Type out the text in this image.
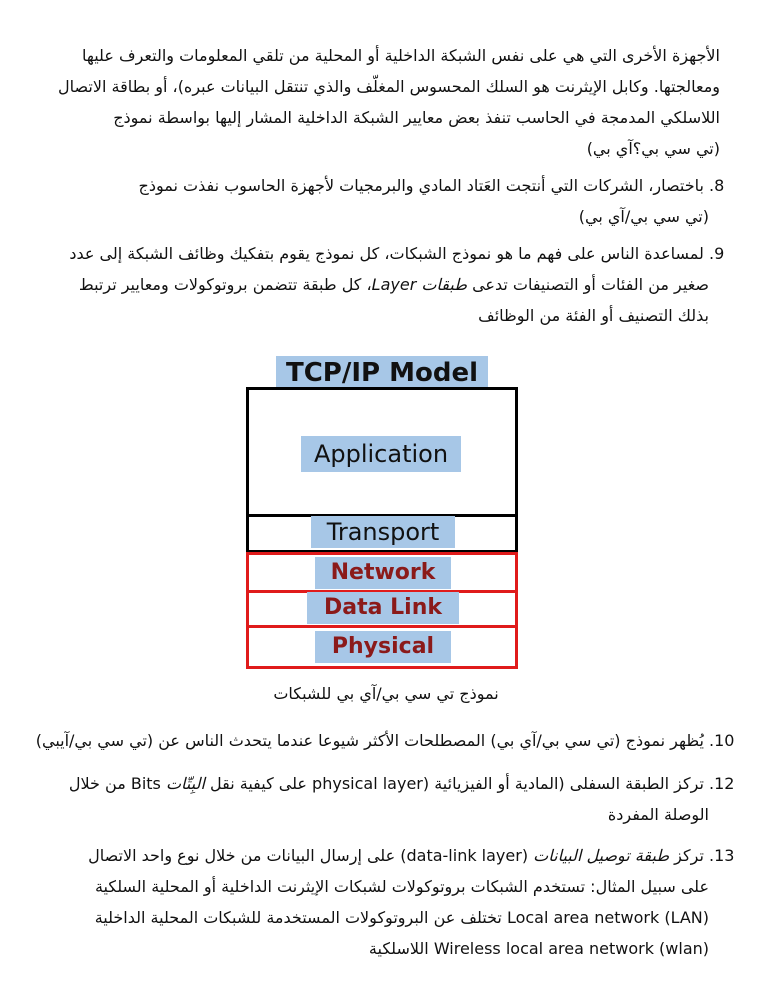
الأجهزة الأخرى التي هي على نفس الشبكة الداخلية أو المحلية من تلقي المعلومات والتعرف عليها
ومعالجتها. وكابل الإيثرنت هو السلك المحسوس المغلّف والذي تنتقل البيانات عبره)، أو بطاقة الاتصال
اللاسلكي المدمجة في الحاسب تنفذ بعض معايير الشبكة الداخلية المشار إليها بواسطة نموذج
(تي سي بي؟آي بي)
8. باختصار، الشركات التي أنتجت العَتاد المادي والبرمجيات لأجهزة الحاسوب نفذت نموذج
(تي سي بي/آي بي)
9. لمساعدة الناس على فهم ما هو نموذج الشبكات، كل نموذج يقوم بتفكيك وظائف الشبكة إلى عدد
صغير من الفئات أو التصنيفات تدعى طبقات Layer، كل طبقة تتضمن بروتوكولات ومعايير ترتبط
بذلك التصنيف أو الفئة من الوظائف
TCP/IP Model
Application
Transport
Network
Data Link
Physical
نموذج تي سي بي/آي بي للشبكات
10. يُظهر نموذج (تي سي بي/آي بي) المصطلحات الأكثر شيوعا عندما يتحدث الناس عن (تي سي بي/آيبي)
12. تركز الطبقة السفلى (المادية أو الفيزيائية (physical layer على كيفية نقل البِتّات Bits من خلال
الوصلة المفردة
13. تركز طبقة توصيل البيانات (data-link layer) على إرسال البيانات من خلال نوع واحد الاتصال
على سبيل المثال: تستخدم الشبكات بروتوكولات لشبكات الإيثرنت الداخلية أو المحلية السلكية
Local area network (LAN) تختلف عن البروتوكولات المستخدمة للشبكات المحلية الداخلية
Wireless local area network (wlan) اللاسلكية
